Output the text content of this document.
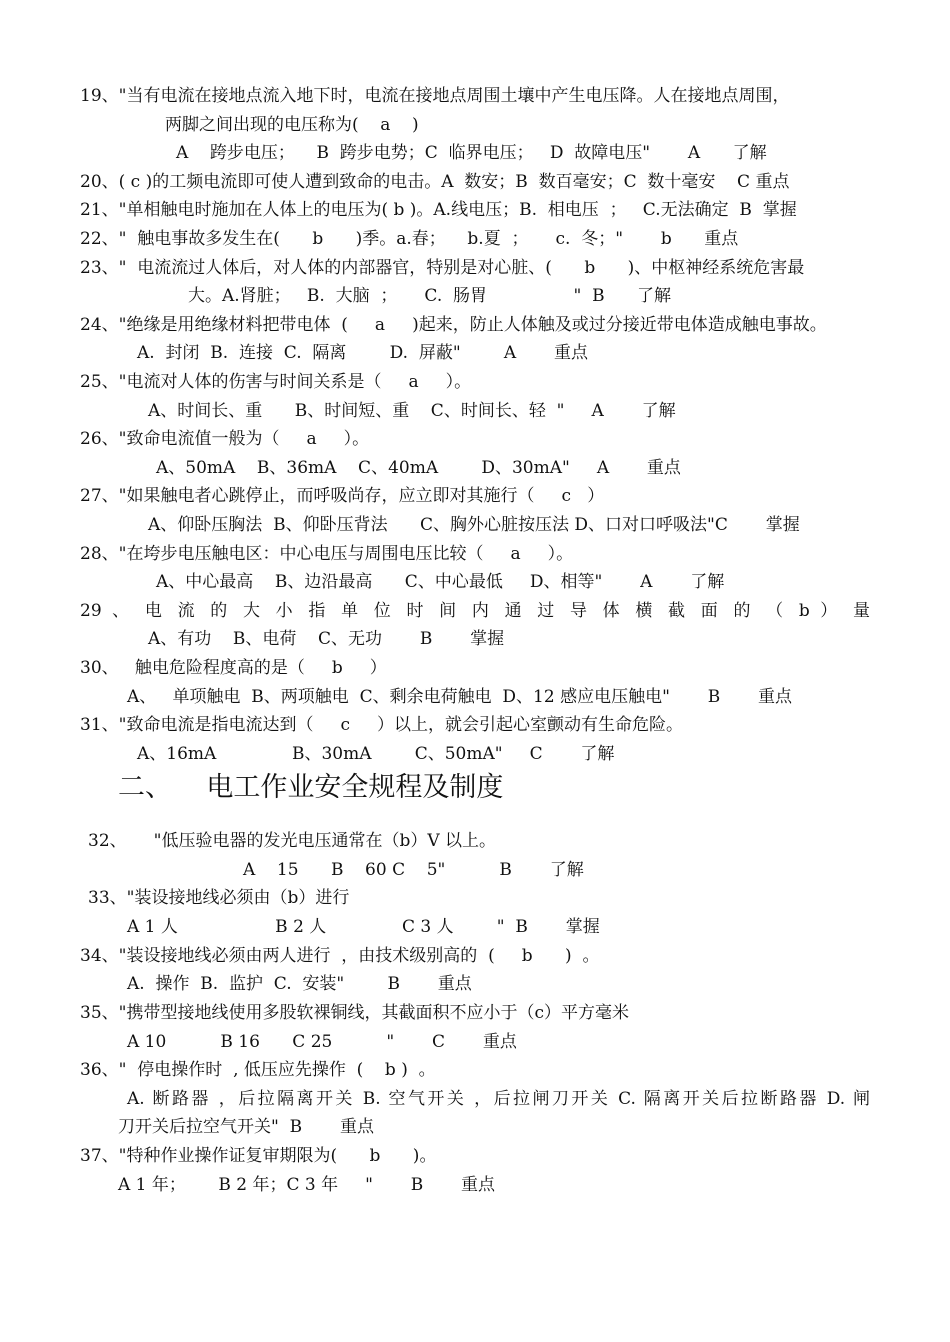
19、"当有电流在接地点流入地下时，电流在接地点周围土壤中产生电压降。人在接地点周围，
两脚之间出现的电压称为(    a    )
A    跨步电压；    B  跨步电势；C  临界电压；   D  故障电压"       A      了解
20、( c )的工频电流即可使人遭到致命的电击。A  数安；B  数百毫安；C  数十毫安    C 重点
21、"单相触电时施加在人体上的电压为( b )。A.线电压；B.  相电压  ；   C.无法确定  B  掌握
22、"  触电事故多发生在(      b      )季。a.春；    b.夏  ；     c.  冬；"       b      重点
23、"  电流流过人体后，对人体的内部器官，特别是对心脏、(      b      )、中枢神经系统危害最
大。A.肾脏；   B.  大脑  ；     C.  肠胃                "  B      了解
24、"绝缘是用绝缘材料把带电体  (     a     )起来，防止人体触及或过分接近带电体造成触电事故。
A.  封闭  B.  连接  C.  隔离        D.  屏蔽"        A       重点
25、"电流对人体的伤害与时间关系是（     a     ）。
A、时间长、重      B、时间短、重    C、时间长、轻  "     A       了解
26、"致命电流值一般为（     a     ）。
A、50mA    B、36mA    C、40mA        D、30mA"     A       重点
27、"如果触电者心跳停止，而呼吸尚存，应立即对其施行（     c   ）
A、仰卧压胸法  B、仰卧压背法      C、胸外心脏按压法 D、口对口呼吸法"C       掌握
28、"在垮步电压触电区：中心电压与周围电压比较（     a     ）。
A、中心最高    B、边沿最高      C、中心最低     D、相等"       A       了解
29 、 电 流 的 大 小 指 单 位 时 间 内 通 过 导 体 横 截 面 的 （ b ） 量
A、有功    B、电荷    C、无功       B       掌握
30、   触电危险程度高的是（     b     ）
A、   单项触电  B、两项触电  C、剩余电荷触电  D、12 感应电压触电"       B       重点
31、"致命电流是指电流达到（     c     ）以上，就会引起心室颤动有生命危险。
A、16mA              B、30mA        C、50mA"     C       了解
二、    电工作业安全规程及制度
32、     "低压验电器的发光电压通常在（b）V 以上。
A    15      B    60 C    5"          B       了解
33、"装设接地线必须由（b）进行
A 1 人                  B 2 人              C 3 人        "  B       掌握
34、"装设接地线必须由两人进行  ，由技术级别高的  (     b      )  。
A.  操作  B.  监护  C.  安装"        B       重点
35、"携带型接地线使用多股软裸铜线，其截面积不应小于（c）平方毫米
A 10          B 16      C 25          "       C       重点
36、"  停电操作时  , 低压应先操作  (    b )  。
A. 断路器 ，后拉隔离开关 B. 空气开关 ，后拉闸刀开关 C. 隔离开关后拉断路器 D. 闸
刀开关后拉空气开关"  B       重点
37、"特种作业操作证复审期限为(      b      )。
A 1 年；      B 2 年；C 3 年     "       B       重点
